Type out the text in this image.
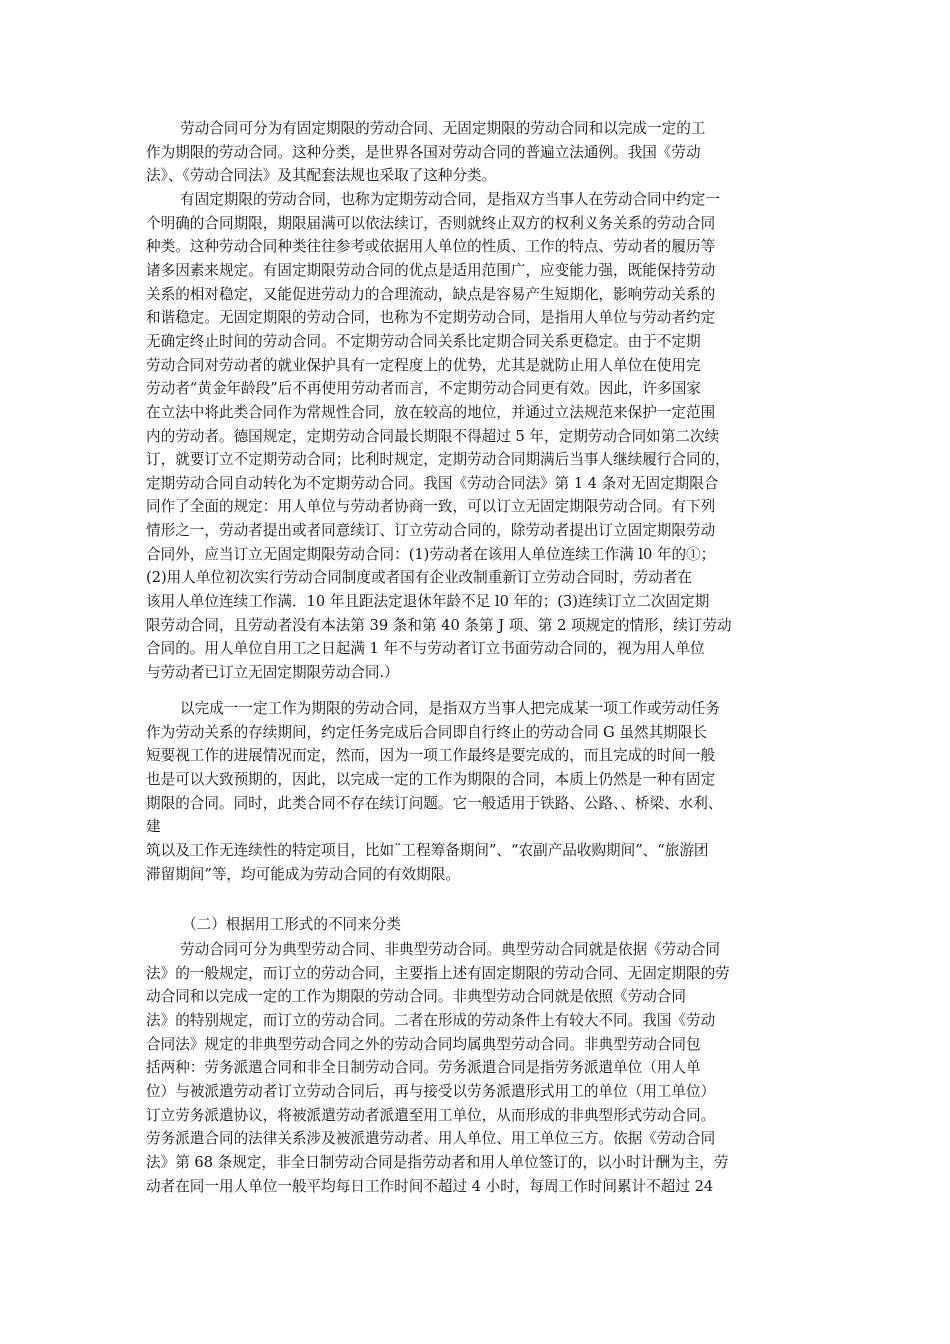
劳动合同可分为有固定期限的劳动合同、无固定期限的劳动合同和以完成一定的工
作为期限的劳动合同。这种分类，是世界各国对劳动合同的普遍立法通例。我国《劳动
法》、《劳动合同法》及其配套法规也采取了这种分类。
有固定期限的劳动合同，也称为定期劳动合同，是指双方当事人在劳动合同中约定一
个明确的合同期限，期限届满可以依法续订，否则就终止双方的权利义务关系的劳动合同
种类。这种劳动合同种类往往参考或依据用人单位的性质、工作的特点、劳动者的履历等
诸多因素来规定。有固定期限劳动合同的优点是适用范围广，应变能力强，既能保持劳动
关系的相对稳定，又能促进劳动力的合理流动，缺点是容易产生短期化，影响劳动关系的
和谐稳定。无固定期限的劳动合同，也称为不定期劳动合同，是指用人单位与劳动者约定
无确定终止时间的劳动合同。不定期劳动合同关系比定期合同关系更稳定。由于不定期
劳动合同对劳动者的就业保护具有一定程度上的优势，尤其是就防止用人单位在使用完
劳动者“黄金年龄段”后不再使用劳动者而言，不定期劳动合同更有效。因此，许多国家
在立法中将此类合同作为常规性合同，放在较高的地位，并通过立法规范来保护一定范围
内的劳动者。德国规定，定期劳动合同最长期限不得超过 5 年，定期劳动合同如第二次续
订，就要订立不定期劳动合同；比利时规定，定期劳动合同期满后当事人继续履行合同的，
定期劳动合同自动转化为不定期劳动合同。我国《劳动合同法》第 1 4 条对无固定期限合
同作了全面的规定：用人单位与劳动者协商一致，可以订立无固定期限劳动合同。有下列
情形之一，劳动者提出或者同意续订、订立劳动合同的，除劳动者提出订立固定期限劳动
合同外，应当订立无固定期限劳动合同：(1)劳动者在该用人单位连续工作满 l0 年的①；
(2)用人单位初次实行劳动合同制度或者国有企业改制重新订立劳动合同时，劳动者在
该用人单位连续工作满．10 年且距法定退休年龄不足 l0 年的；(3)连续订立二次固定期
限劳动合同，且劳动者没有本法第 39 条和第 40 条第 J 项、第 2 项规定的情形，续订劳动
合同的。用人单位自用工之日起满 1 年不与劳动者订立书面劳动合同的，视为用人单位
与劳动者已订立无固定期限劳动合同.）
以完成一一定工作为期限的劳动合同，是指双方当事人把完成某一项工作或劳动任务
作为劳动关系的存续期间，约定任务完成后合同即自行终止的劳动合同 G 虽然其期限长
短要视工作的进展情况而定，然而，因为一项工作最终是要完成的，而且完成的时间一般
也是可以大致预期的，因此，以完成一定的工作为期限的合同，本质上仍然是一种有固定
期限的合同。同时，此类合同不存在续订问题。它一般适用于铁路、公路、、桥梁、水利、
建
筑以及工作无连续性的特定项目，比如¨工程筹备期间”、“农副产品收购期间”、“旅游团
滞留期间”等，均可能成为劳动合同的有效期限。
（二）根据用工形式的不同来分类
劳动合同可分为典型劳动合同、非典型劳动合同。典型劳动合同就是依据《劳动合同
法》的一般规定，而订立的劳动合同，主要指上述有固定期限的劳动合同、无固定期限的劳
动合同和以完成一定的工作为期限的劳动合同。非典型劳动合同就是依照《劳动合同
法》的特别规定，而订立的劳动合同。二者在形成的劳动条件上有较大不同。我国《劳动
合同法》规定的非典型劳动合同之外的劳动合同均属典型劳动合同。非典型劳动合同包
括两种：劳务派遣合同和非全日制劳动合同。劳务派遣合同是指劳务派遣单位（用人单
位）与被派遣劳动者订立劳动合同后，再与接受以劳务派遣形式用工的单位（用工单位）
订立劳务派遣协议，将被派遣劳动者派遣至用工单位，从而形成的非典型形式劳动合同。
劳务派遣合同的法律关系涉及被派遣劳动者、用人单位、用工单位三方。依据《劳动合同
法》第 68 条规定，非全日制劳动合同是指劳动者和用人单位签订的，以小时计酬为主，劳
动者在同一用人单位一般平均每日工作时间不超过 4 小时，每周工作时间累计不超过 24
